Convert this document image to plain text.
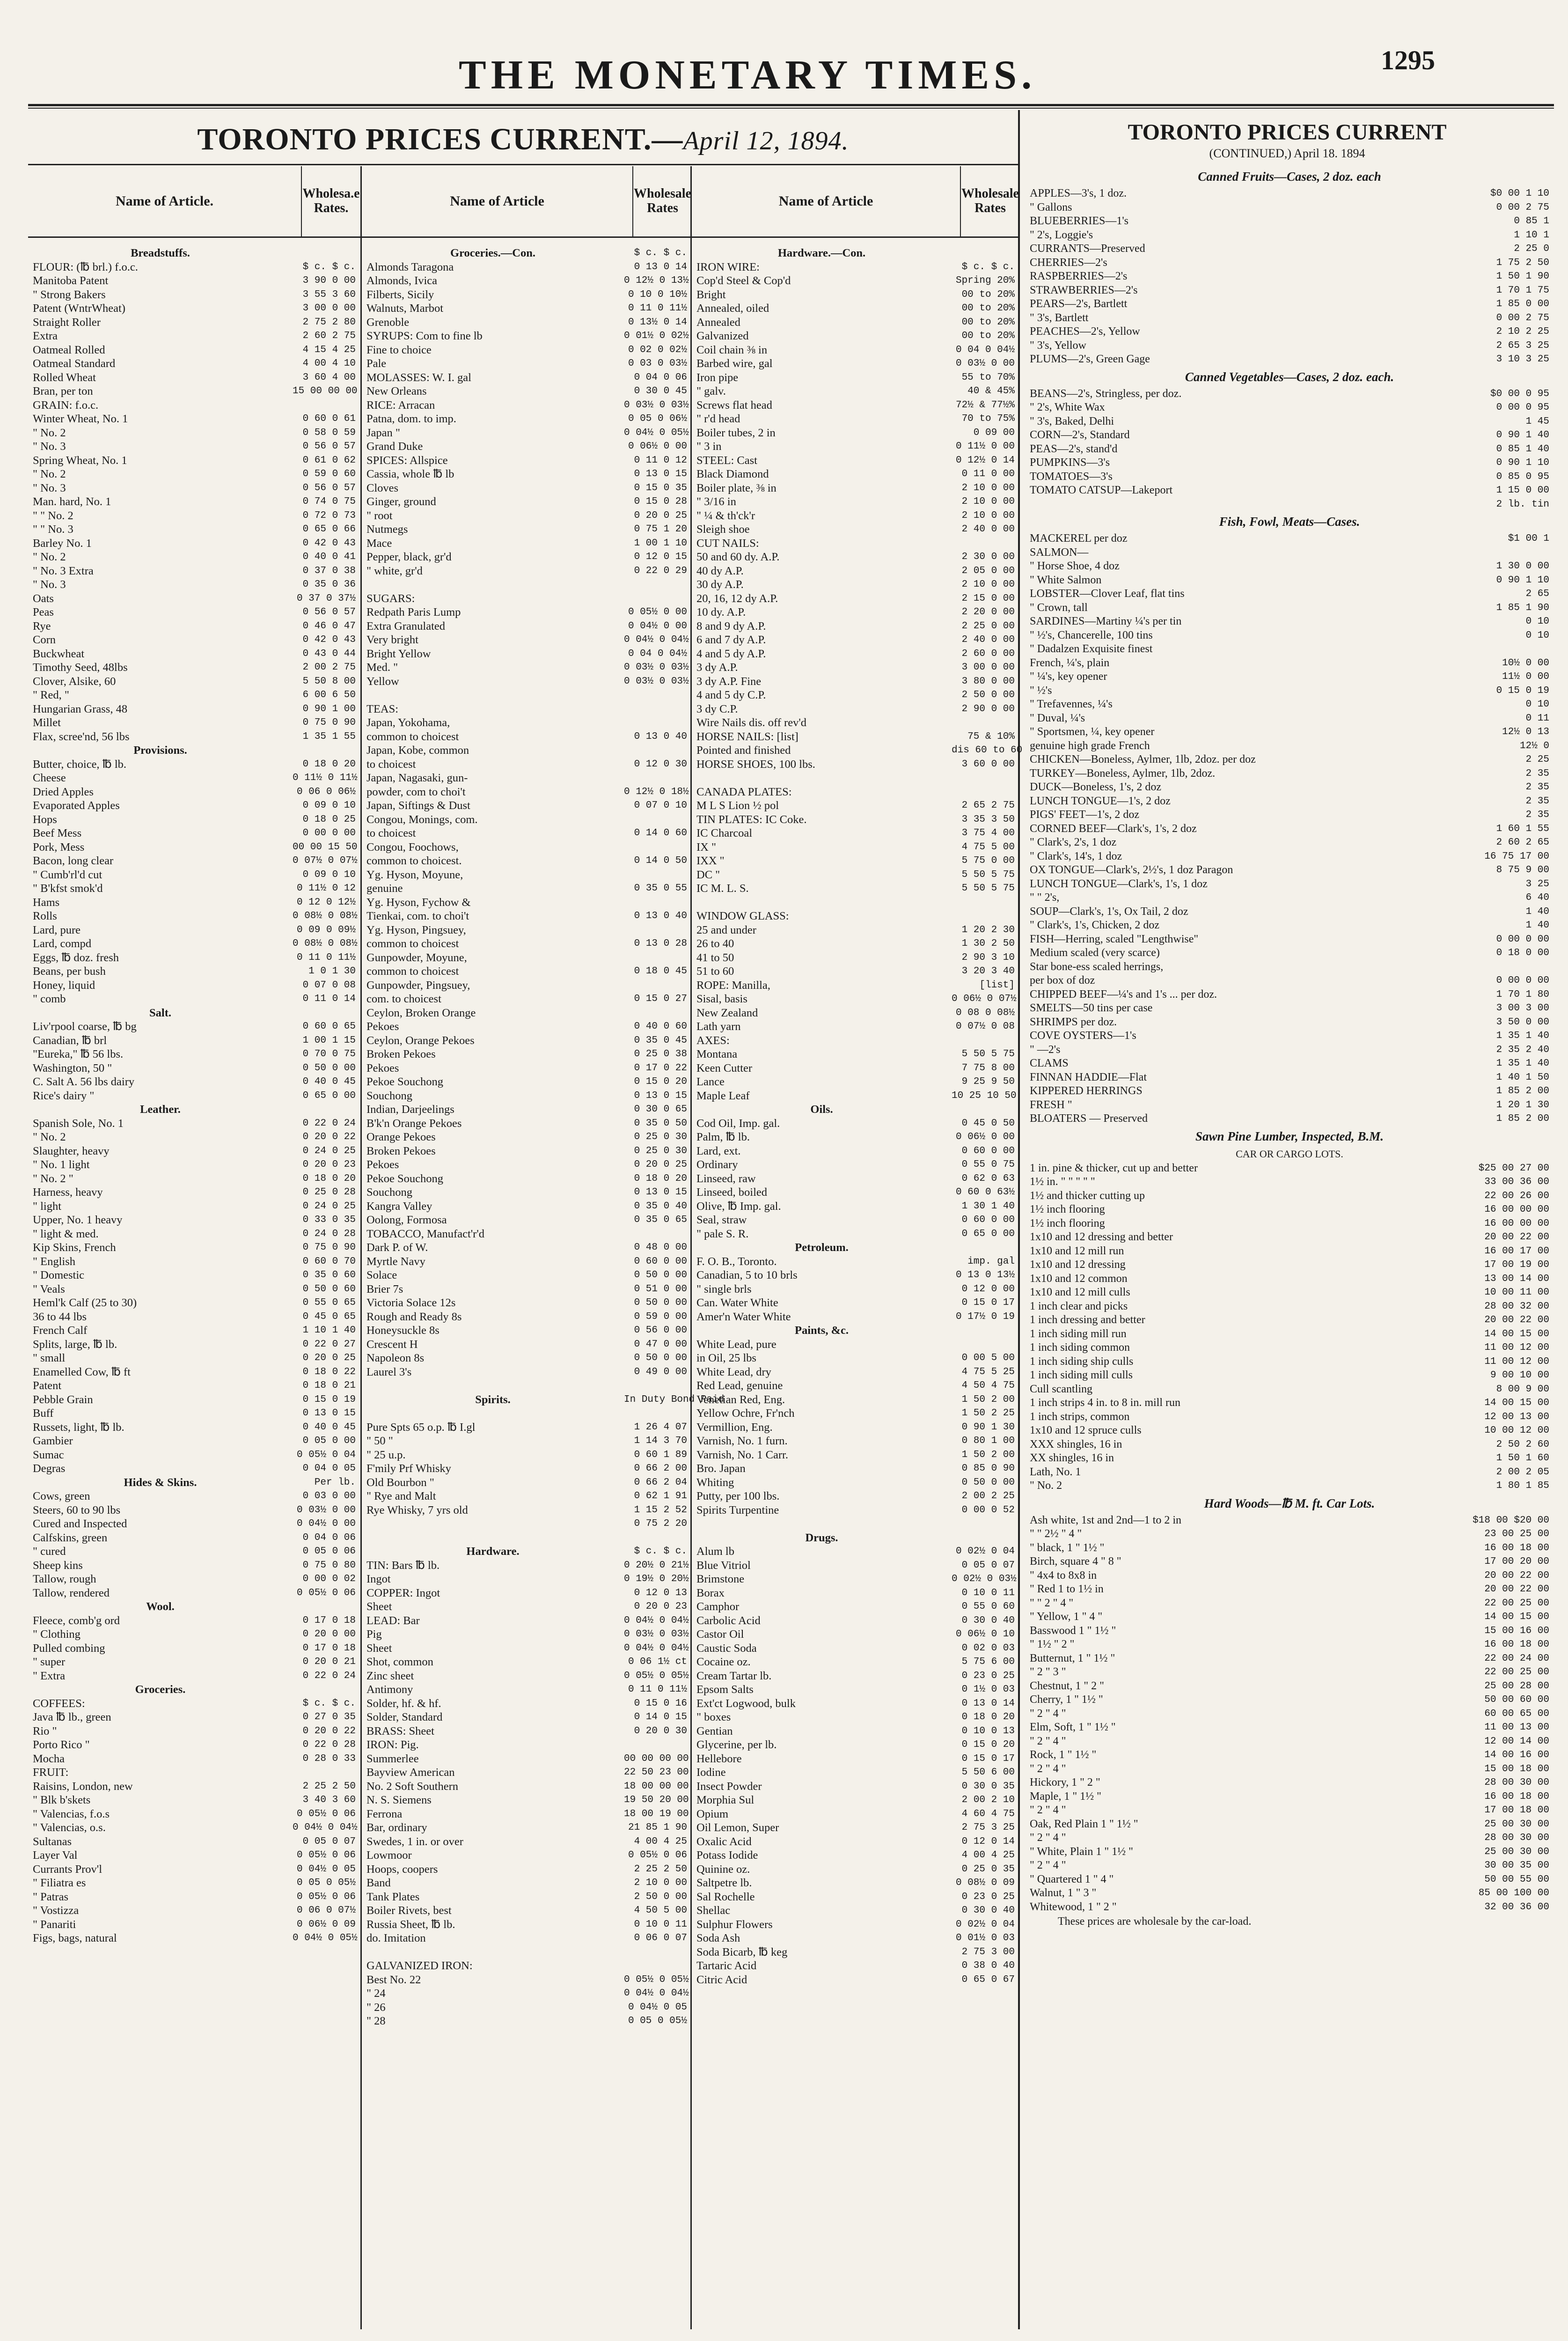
THE MONETARY TIMES.	1295
TORONTO PRICES CURRENT.—April 12, 1894.
Name of Article.	Wholesa.e Rates.
Breadstuffs.
FLOUR: (℔ brl.) f.o.c.	$ c. $ c.
Manitoba Patent	3 90 0 00
" Strong Bakers	3 55 3 60
Patent (WntrWheat)	3 00 0 00
Straight Roller	2 75 2 80
Extra	2 60 2 75
Oatmeal Rolled	4 15 4 25
Oatmeal Standard	4 00 4 10
Rolled Wheat	3 60 4 00
Bran, per ton	15 00 00 00
GRAIN: f.o.c.
Winter Wheat, No. 1	0 60 0 61
" No. 2	0 58 0 59
" No. 3	0 56 0 57
Spring Wheat, No. 1	0 61 0 62
" No. 2	0 59 0 60
" No. 3	0 56 0 57
Man. hard, No. 1	0 74 0 75
" " No. 2	0 72 0 73
" " No. 3	0 65 0 66
Barley No. 1	0 42 0 43
" No. 2	0 40 0 41
" No. 3 Extra	0 37 0 38
" No. 3	0 35 0 36
Oats	0 37 0 37½
Peas	0 56 0 57
Rye	0 46 0 47
Corn	0 42 0 43
Buckwheat	0 43 0 44
Timothy Seed, 48lbs	2 00 2 75
Clover, Alsike, 60	5 50 8 00
" Red, "	6 00 6 50
Hungarian Grass, 48	0 90 1 00
Millet	0 75 0 90
Flax, scree'nd, 56 lbs	1 35 1 55
Provisions.
Butter, choice, ℔ lb.	0 18 0 20
Cheese	0 11½ 0 11½
Dried Apples	0 06 0 06½
Evaporated Apples	0 09 0 10
Hops	0 18 0 25
Beef Mess	0 00 0 00
Pork, Mess	00 00 15 50
Bacon, long clear	0 07½ 0 07½
" Cumb'rl'd cut	0 09 0 10
" B'kfst smok'd	0 11½ 0 12
Hams	0 12 0 12½
Rolls	0 08½ 0 08½
Lard, pure	0 09 0 09½
Lard, compd	0 08½ 0 08½
Eggs, ℔ doz. fresh	0 11 0 11½
Beans, per bush	1 0 1 30
Honey, liquid	0 07 0 08
" comb	0 11 0 14
Salt.
Liv'rpool coarse, ℔ bg	0 60 0 65
Canadian, ℔ brl	1 00 1 15
"Eureka," ℔ 56 lbs.	0 70 0 75
Washington, 50 "	0 50 0 00
C. Salt A. 56 lbs dairy	0 40 0 45
Rice's dairy "	0 65 0 00
Leather.
Spanish Sole, No. 1	0 22 0 24
" No. 2	0 20 0 22
Slaughter, heavy	0 24 0 25
" No. 1 light	0 20 0 23
" No. 2 "	0 18 0 20
Harness, heavy	0 25 0 28
" light	0 24 0 25
Upper, No. 1 heavy	0 33 0 35
" light & med.	0 24 0 28
Kip Skins, French	0 75 0 90
" English	0 60 0 70
" Domestic	0 35 0 60
" Veals	0 50 0 60
Heml'k Calf (25 to 30)	0 55 0 65
36 to 44 lbs	0 45 0 65
French Calf	1 10 1 40
Splits, large, ℔ lb.	0 22 0 27
" small	0 20 0 25
Enamelled Cow, ℔ ft	0 18 0 22
Patent	0 18 0 21
Pebble Grain	0 15 0 19
Buff	0 13 0 15
Russets, light, ℔ lb.	0 40 0 45
Gambier	0 05 0 00
Sumac	0 05½ 0 04
Degras	0 04 0 05
Hides & Skins.	Per lb.
Cows, green	0 03 0 00
Steers, 60 to 90 lbs	0 03½ 0 00
Cured and Inspected	0 04½ 0 00
Calfskins, green	0 04 0 06
" cured	0 05 0 06
Sheep kins	0 75 0 80
Tallow, rough	0 00 0 02
Tallow, rendered	0 05½ 0 06
Wool.
Fleece, comb'g ord	0 17 0 18
" Clothing	0 20 0 00
Pulled combing	0 17 0 18
" super	0 20 0 21
" Extra	0 22 0 24
Groceries.
COFFEES:	$ c. $ c.
Java ℔ lb., green	0 27 0 35
Rio "	0 20 0 22
Porto Rico "	0 22 0 28
Mocha	0 28 0 33
FRUIT:
Raisins, London, new	2 25 2 50
" Blk b'skets	3 40 3 60
" Valencias, f.o.s	0 05½ 0 06
" Valencias, o.s.	0 04½ 0 04½
Sultanas	0 05 0 07
Layer Val	0 05½ 0 06
Currants Prov'l	0 04½ 0 05
" Filiatra es	0 05 0 05½
" Patras	0 05½ 0 06
" Vostizza	0 06 0 07½
" Panariti	0 06½ 0 09
Figs, bags, natural	0 04½ 0 05½
Name of Article	Wholesale Rates
Groceries.—Con.	$ c. $ c.
Almonds Taragona	0 13 0 14
Almonds, Ivica	0 12½ 0 13½
Filberts, Sicily	0 10 0 10½
Walnuts, Marbot	0 11 0 11½
Grenoble	0 13½ 0 14
SYRUPS: Com to fine lb	0 01½ 0 02½
Fine to choice	0 02 0 02½
Pale	0 03 0 03½
MOLASSES: W. I. gal	0 04 0 06
New Orleans	0 30 0 45
RICE: Arracan	0 03½ 0 03½
Patna, dom. to imp.	0 05 0 06½
Japan "	0 04½ 0 05½
Grand Duke	0 06½ 0 00
SPICES: Allspice	0 11 0 12
Cassia, whole ℔ lb	0 13 0 15
Cloves	0 15 0 35
Ginger, ground	0 15 0 28
" root	0 20 0 25
Nutmegs	0 75 1 20
Mace	1 00 1 10
Pepper, black, gr'd	0 12 0 15
" white, gr'd	0 22 0 29
SUGARS:
Redpath Paris Lump	0 05½ 0 00
Extra Granulated	0 04½ 0 00
Very bright	0 04½ 0 04½
Bright Yellow	0 04 0 04½
Med. "	0 03½ 0 03½
Yellow	0 03½ 0 03½
TEAS:
Japan, Yokohama,
common to choicest	0 13 0 40
Japan, Kobe, common
to choicest	0 12 0 30
Japan, Nagasaki, gun-
powder, com to choi't	0 12½ 0 18½
Japan, Siftings & Dust	0 07 0 10
Congou, Monings, com.
to choicest	0 14 0 60
Congou, Foochows,
common to choicest.	0 14 0 50
Yg. Hyson, Moyune,
genuine	0 35 0 55
Yg. Hyson, Fychow &
Tienkai, com. to choi't	0 13 0 40
Yg. Hyson, Pingsuey,
common to choicest	0 13 0 28
Gunpowder, Moyune,
common to choicest	0 18 0 45
Gunpowder, Pingsuey,
com. to choicest	0 15 0 27
Ceylon, Broken Orange
Pekoes	0 40 0 60
Ceylon, Orange Pekoes	0 35 0 45
Broken Pekoes	0 25 0 38
Pekoes	0 17 0 22
Pekoe Souchong	0 15 0 20
Souchong	0 13 0 15
Indian, Darjeelings	0 30 0 65
B'k'n Orange Pekoes	0 35 0 50
Orange Pekoes	0 25 0 30
Broken Pekoes	0 25 0 30
Pekoes	0 20 0 25
Pekoe Souchong	0 18 0 20
Souchong	0 13 0 15
Kangra Valley	0 35 0 40
Oolong, Formosa	0 35 0 65
TOBACCO, Manufact'r'd
Dark P. of W.	0 48 0 00
Myrtle Navy	0 60 0 00
Solace	0 50 0 00
Brier 7s	0 51 0 00
Victoria Solace 12s	0 50 0 00
Rough and Ready 8s	0 59 0 00
Honeysuckle 8s	0 56 0 00
Crescent H	0 47 0 00
Napoleon 8s	0 50 0 00
Laurel 3's	0 49 0 00
Spirits.	In Duty Bond Paid
Pure Spts 65 o.p. ℔ I.gl	1 26 4 07
" 50 "	1 14 3 70
" 25 u.p.	0 60 1 89
F'mily Prf Whisky	0 66 2 00
Old Bourbon "	0 66 2 04
" Rye and Malt	0 62 1 91
Rye Whisky, 7 yrs old	1 15 2 52
0 75 2 20
Hardware.	$ c. $ c.
TIN: Bars ℔ lb.	0 20½ 0 21½
Ingot	0 19½ 0 20½
COPPER: Ingot	0 12 0 13
Sheet	0 20 0 23
LEAD: Bar	0 04½ 0 04½
Pig	0 03½ 0 03½
Sheet	0 04½ 0 04½
Shot, common	0 06 1½ ct
Zinc sheet	0 05½ 0 05½
Antimony	0 11 0 11½
Solder, hf. & hf.	0 15 0 16
Solder, Standard	0 14 0 15
BRASS: Sheet	0 20 0 30
IRON: Pig.
Summerlee	00 00 00 00
Bayview American	22 50 23 00
No. 2 Soft Southern	18 00 00 00
N. S. Siemens	19 50 20 00
Ferrona	18 00 19 00
Bar, ordinary	21 85 1 90
Swedes, 1 in. or over	4 00 4 25
Lowmoor	0 05½ 0 06
Hoops, coopers	2 25 2 50
Band	2 10 0 00
Tank Plates	2 50 0 00
Boiler Rivets, best	4 50 5 00
Russia Sheet, ℔ lb.	0 10 0 11
do. Imitation	0 06 0 07
GALVANIZED IRON:
Best No. 22	0 05½ 0 05½
" 24	0 04½ 0 04½
" 26	0 04½ 0 05
" 28	0 05 0 05½
Name of Article	Wholesale Rates
Hardware.—Con.
IRON WIRE:	$ c. $ c.
Cop'd Steel & Cop'd	Spring 20%
Bright	00 to 20%
Annealed, oiled	00 to 20%
Annealed	00 to 20%
Galvanized	00 to 20%
Coil chain ⅜ in	0 04 0 04½
Barbed wire, gal	0 03½ 0 00
Iron pipe	55 to 70%
" galv.	40 & 45%
Screws flat head	72½ & 77½%
" r'd head	70 to 75%
Boiler tubes, 2 in	0 09 00
" 3 in	0 11½ 0 00
STEEL: Cast	0 12½ 0 14
Black Diamond	0 11 0 00
Boiler plate, ⅜ in	2 10 0 00
" 3/16 in	2 10 0 00
" ¼ & th'ck'r	2 10 0 00
Sleigh shoe	2 40 0 00
CUT NAILS:
50 and 60 dy. A.P.	2 30 0 00
40 dy A.P.	2 05 0 00
30 dy A.P.	2 10 0 00
20, 16, 12 dy A.P.	2 15 0 00
10 dy. A.P.	2 20 0 00
8 and 9 dy A.P.	2 25 0 00
6 and 7 dy A.P.	2 40 0 00
4 and 5 dy A.P.	2 60 0 00
3 dy A.P.	3 00 0 00
3 dy A.P. Fine	3 80 0 00
4 and 5 dy C.P.	2 50 0 00
3 dy C.P.	2 90 0 00
Wire Nails dis. off rev'd
HORSE NAILS: [list]	75 & 10%
Pointed and finished	dis 60 to 60
HORSE SHOES, 100 lbs.	3 60 0 00
CANADA PLATES:
M L S Lion ½ pol	2 65 2 75
TIN PLATES: IC Coke.	3 35 3 50
IC Charcoal	3 75 4 00
IX "	4 75 5 00
IXX "	5 75 0 00
DC "	5 50 5 75
IC M. L. S.	5 50 5 75
WINDOW GLASS:
25 and under	1 20 2 30
26 to 40	1 30 2 50
41 to 50	2 90 3 10
51 to 60	3 20 3 40
ROPE: Manilla,	[list]
Sisal, basis	0 06½ 0 07½
New Zealand	0 08 0 08½
Lath yarn	0 07½ 0 08
AXES:
Montana	5 50 5 75
Keen Cutter	7 75 8 00
Lance	9 25 9 50
Maple Leaf	10 25 10 50
Oils.
Cod Oil, Imp. gal.	0 45 0 50
Palm, ℔ lb.	0 06½ 0 00
Lard, ext.	0 60 0 00
Ordinary	0 55 0 75
Linseed, raw	0 62 0 63
Linseed, boiled	0 60 0 63½
Olive, ℔ Imp. gal.	1 30 1 40
Seal, straw	0 60 0 00
" pale S. R.	0 65 0 00
Petroleum.
F. O. B., Toronto.	imp. gal
Canadian, 5 to 10 brls	0 13 0 13½
" single brls	0 12 0 00
Can. Water White	0 15 0 17
Amer'n Water White	0 17½ 0 19
Paints, &c.
White Lead, pure
in Oil, 25 lbs	0 00 5 00
White Lead, dry	4 75 5 25
Red Lead, genuine	4 50 4 75
Venetian Red, Eng.	1 50 2 00
Yellow Ochre, Fr'nch	1 50 2 25
Vermillion, Eng.	0 90 1 30
Varnish, No. 1 furn.	0 80 1 00
Varnish, No. 1 Carr.	1 50 2 00
Bro. Japan	0 85 0 90
Whiting	0 50 0 00
Putty, per 100 lbs.	2 00 2 25
Spirits Turpentine	0 00 0 52
Drugs.
Alum lb	0 02½ 0 04
Blue Vitriol	0 05 0 07
Brimstone	0 02½ 0 03½
Borax	0 10 0 11
Camphor	0 55 0 60
Carbolic Acid	0 30 0 40
Castor Oil	0 06½ 0 10
Caustic Soda	0 02 0 03
Cocaine oz.	5 75 6 00
Cream Tartar lb.	0 23 0 25
Epsom Salts	0 1½ 0 03
Ext'ct Logwood, bulk	0 13 0 14
" boxes	0 18 0 20
Gentian	0 10 0 13
Glycerine, per lb.	0 15 0 20
Hellebore	0 15 0 17
Iodine	5 50 6 00
Insect Powder	0 30 0 35
Morphia Sul	2 00 2 10
Opium	4 60 4 75
Oil Lemon, Super	2 75 3 25
Oxalic Acid	0 12 0 14
Potass Iodide	4 00 4 25
Quinine oz.	0 25 0 35
Saltpetre lb.	0 08½ 0 09
Sal Rochelle	0 23 0 25
Shellac	0 30 0 40
Sulphur Flowers	0 02½ 0 04
Soda Ash	0 01½ 0 03
Soda Bicarb, ℔ keg	2 75 3 00
Tartaric Acid	0 38 0 40
Citric Acid	0 65 0 67
TORONTO PRICES CURRENT
(CONTINUED,) April 18. 1894
Canned Fruits—Cases, 2 doz. each
APPLES—3's, 1 doz.	$0 00 1 10
" Gallons	0 00 2 75
BLUEBERRIES—1's	0 85 1
" 2's, Loggie's	1 10 1
CURRANTS—Preserved	2 25 0
CHERRIES—2's	1 75 2 50
RASPBERRIES—2's	1 50 1 90
STRAWBERRIES—2's	1 70 1 75
PEARS—2's, Bartlett	1 85 0 00
" 3's, Bartlett	0 00 2 75
PEACHES—2's, Yellow	2 10 2 25
" 3's, Yellow	2 65 3 25
PLUMS—2's, Green Gage	3 10 3 25
Canned Vegetables—Cases, 2 doz. each.
BEANS—2's, Stringless, per doz.	$0 00 0 95
" 2's, White Wax	0 00 0 95
" 3's, Baked, Delhi	1 45
CORN—2's, Standard	0 90 1 40
PEAS—2's, stand'd	0 85 1 40
PUMPKINS—3's	0 90 1 10
TOMATOES—3's	0 85 0 95
TOMATO CATSUP—Lakeport	1 15 0 00
2 lb. tin
Fish, Fowl, Meats—Cases.
MACKEREL per doz	$1 00 1
SALMON—
" Horse Shoe, 4 doz	1 30 0 00
" White Salmon	0 90 1 10
LOBSTER—Clover Leaf, flat tins	2 65
" Crown, tall	1 85 1 90
SARDINES—Martiny ¼'s per tin	0 10
" ½'s, Chancerelle, 100 tins	0 10
" Dadalzen Exquisite finest
French, ¼'s, plain	10½ 0 00
" ¼'s, key opener	11½ 0 00
" ½'s	0 15 0 19
" Trefavennes, ¼'s	0 10
" Duval, ¼'s	0 11
" Sportsmen, ¼, key opener	12½ 0 13
genuine high grade French	12½ 0
CHICKEN—Boneless, Aylmer, 1lb, 2doz. per doz	2 25
TURKEY—Boneless, Aylmer, 1lb, 2doz.	2 35
DUCK—Boneless, 1's, 2 doz	2 35
LUNCH TONGUE—1's, 2 doz	2 35
PIGS' FEET—1's, 2 doz	2 35
CORNED BEEF—Clark's, 1's, 2 doz	1 60 1 55
" Clark's, 2's, 1 doz	2 60 2 65
" Clark's, 14's, 1 doz	16 75 17 00
OX TONGUE—Clark's, 2½'s, 1 doz Paragon	8 75 9 00
LUNCH TONGUE—Clark's, 1's, 1 doz	3 25
" " 2's,	6 40
SOUP—Clark's, 1's, Ox Tail, 2 doz	1 40
" Clark's, 1's, Chicken, 2 doz	1 40
FISH—Herring, scaled "Lengthwise"	0 00 0 00
Medium scaled (very scarce)	0 18 0 00
Star bone-ess scaled herrings,
per box of doz	0 00 0 00
CHIPPED BEEF—¼'s and 1's ... per doz.	1 70 1 80
SMELTS—50 tins per case	3 00 3 00
SHRIMPS per doz.	3 50 0 00
COVE OYSTERS—1's	1 35 1 40
" —2's	2 35 2 40
CLAMS	1 35 1 40
FINNAN HADDIE—Flat	1 40 1 50
KIPPERED HERRINGS	1 85 2 00
FRESH "	1 20 1 30
BLOATERS — Preserved	1 85 2 00
Sawn Pine Lumber, Inspected, B.M.
CAR OR CARGO LOTS.
1 in. pine & thicker, cut up and better	$25 00 27 00
1½ in. " " " " "	33 00 36 00
1½ and thicker cutting up	22 00 26 00
1½ inch flooring	16 00 00 00
1½ inch flooring	16 00 00 00
1x10 and 12 dressing and better	20 00 22 00
1x10 and 12 mill run	16 00 17 00
1x10 and 12 dressing	17 00 19 00
1x10 and 12 common	13 00 14 00
1x10 and 12 mill culls	10 00 11 00
1 inch clear and picks	28 00 32 00
1 inch dressing and better	20 00 22 00
1 inch siding mill run	14 00 15 00
1 inch siding common	11 00 12 00
1 inch siding ship culls	11 00 12 00
1 inch siding mill culls	9 00 10 00
Cull scantling	8 00 9 00
1 inch strips 4 in. to 8 in. mill run	14 00 15 00
1 inch strips, common	12 00 13 00
1x10 and 12 spruce culls	10 00 12 00
XXX shingles, 16 in	2 50 2 60
XX shingles, 16 in	1 50 1 60
Lath, No. 1	2 00 2 05
" No. 2	1 80 1 85
Hard Woods—℔ M. ft. Car Lots.
Ash white, 1st and 2nd—1 to 2 in	$18 00 $20 00
" " 2½ " 4 "	23 00 25 00
" black, 1 " 1½ "	16 00 18 00
Birch, square 4 " 8 "	17 00 20 00
" 4x4 to 8x8 in	20 00 22 00
" Red 1 to 1½ in	20 00 22 00
" " 2 " 4 "	22 00 25 00
" Yellow, 1 " 4 "	14 00 15 00
Basswood 1 " 1½ "	15 00 16 00
" 1½ " 2 "	16 00 18 00
Butternut, 1 " 1½ "	22 00 24 00
" 2 " 3 "	22 00 25 00
Chestnut, 1 " 2 "	25 00 28 00
Cherry, 1 " 1½ "	50 00 60 00
" 2 " 4 "	60 00 65 00
Elm, Soft, 1 " 1½ "	11 00 13 00
" 2 " 4 "	12 00 14 00
Rock, 1 " 1½ "	14 00 16 00
" 2 " 4 "	15 00 18 00
Hickory, 1 " 2 "	28 00 30 00
Maple, 1 " 1½ "	16 00 18 00
" 2 " 4 "	17 00 18 00
Oak, Red Plain 1 " 1½ "	25 00 30 00
" 2 " 4 "	28 00 30 00
" White, Plain 1 " 1½ "	25 00 30 00
" 2 " 4 "	30 00 35 00
" Quartered 1 " 4 "	50 00 55 00
Walnut, 1 " 3 "	85 00 100 00
Whitewood, 1 " 2 "	32 00 36 00
These prices are wholesale by the car-load.
